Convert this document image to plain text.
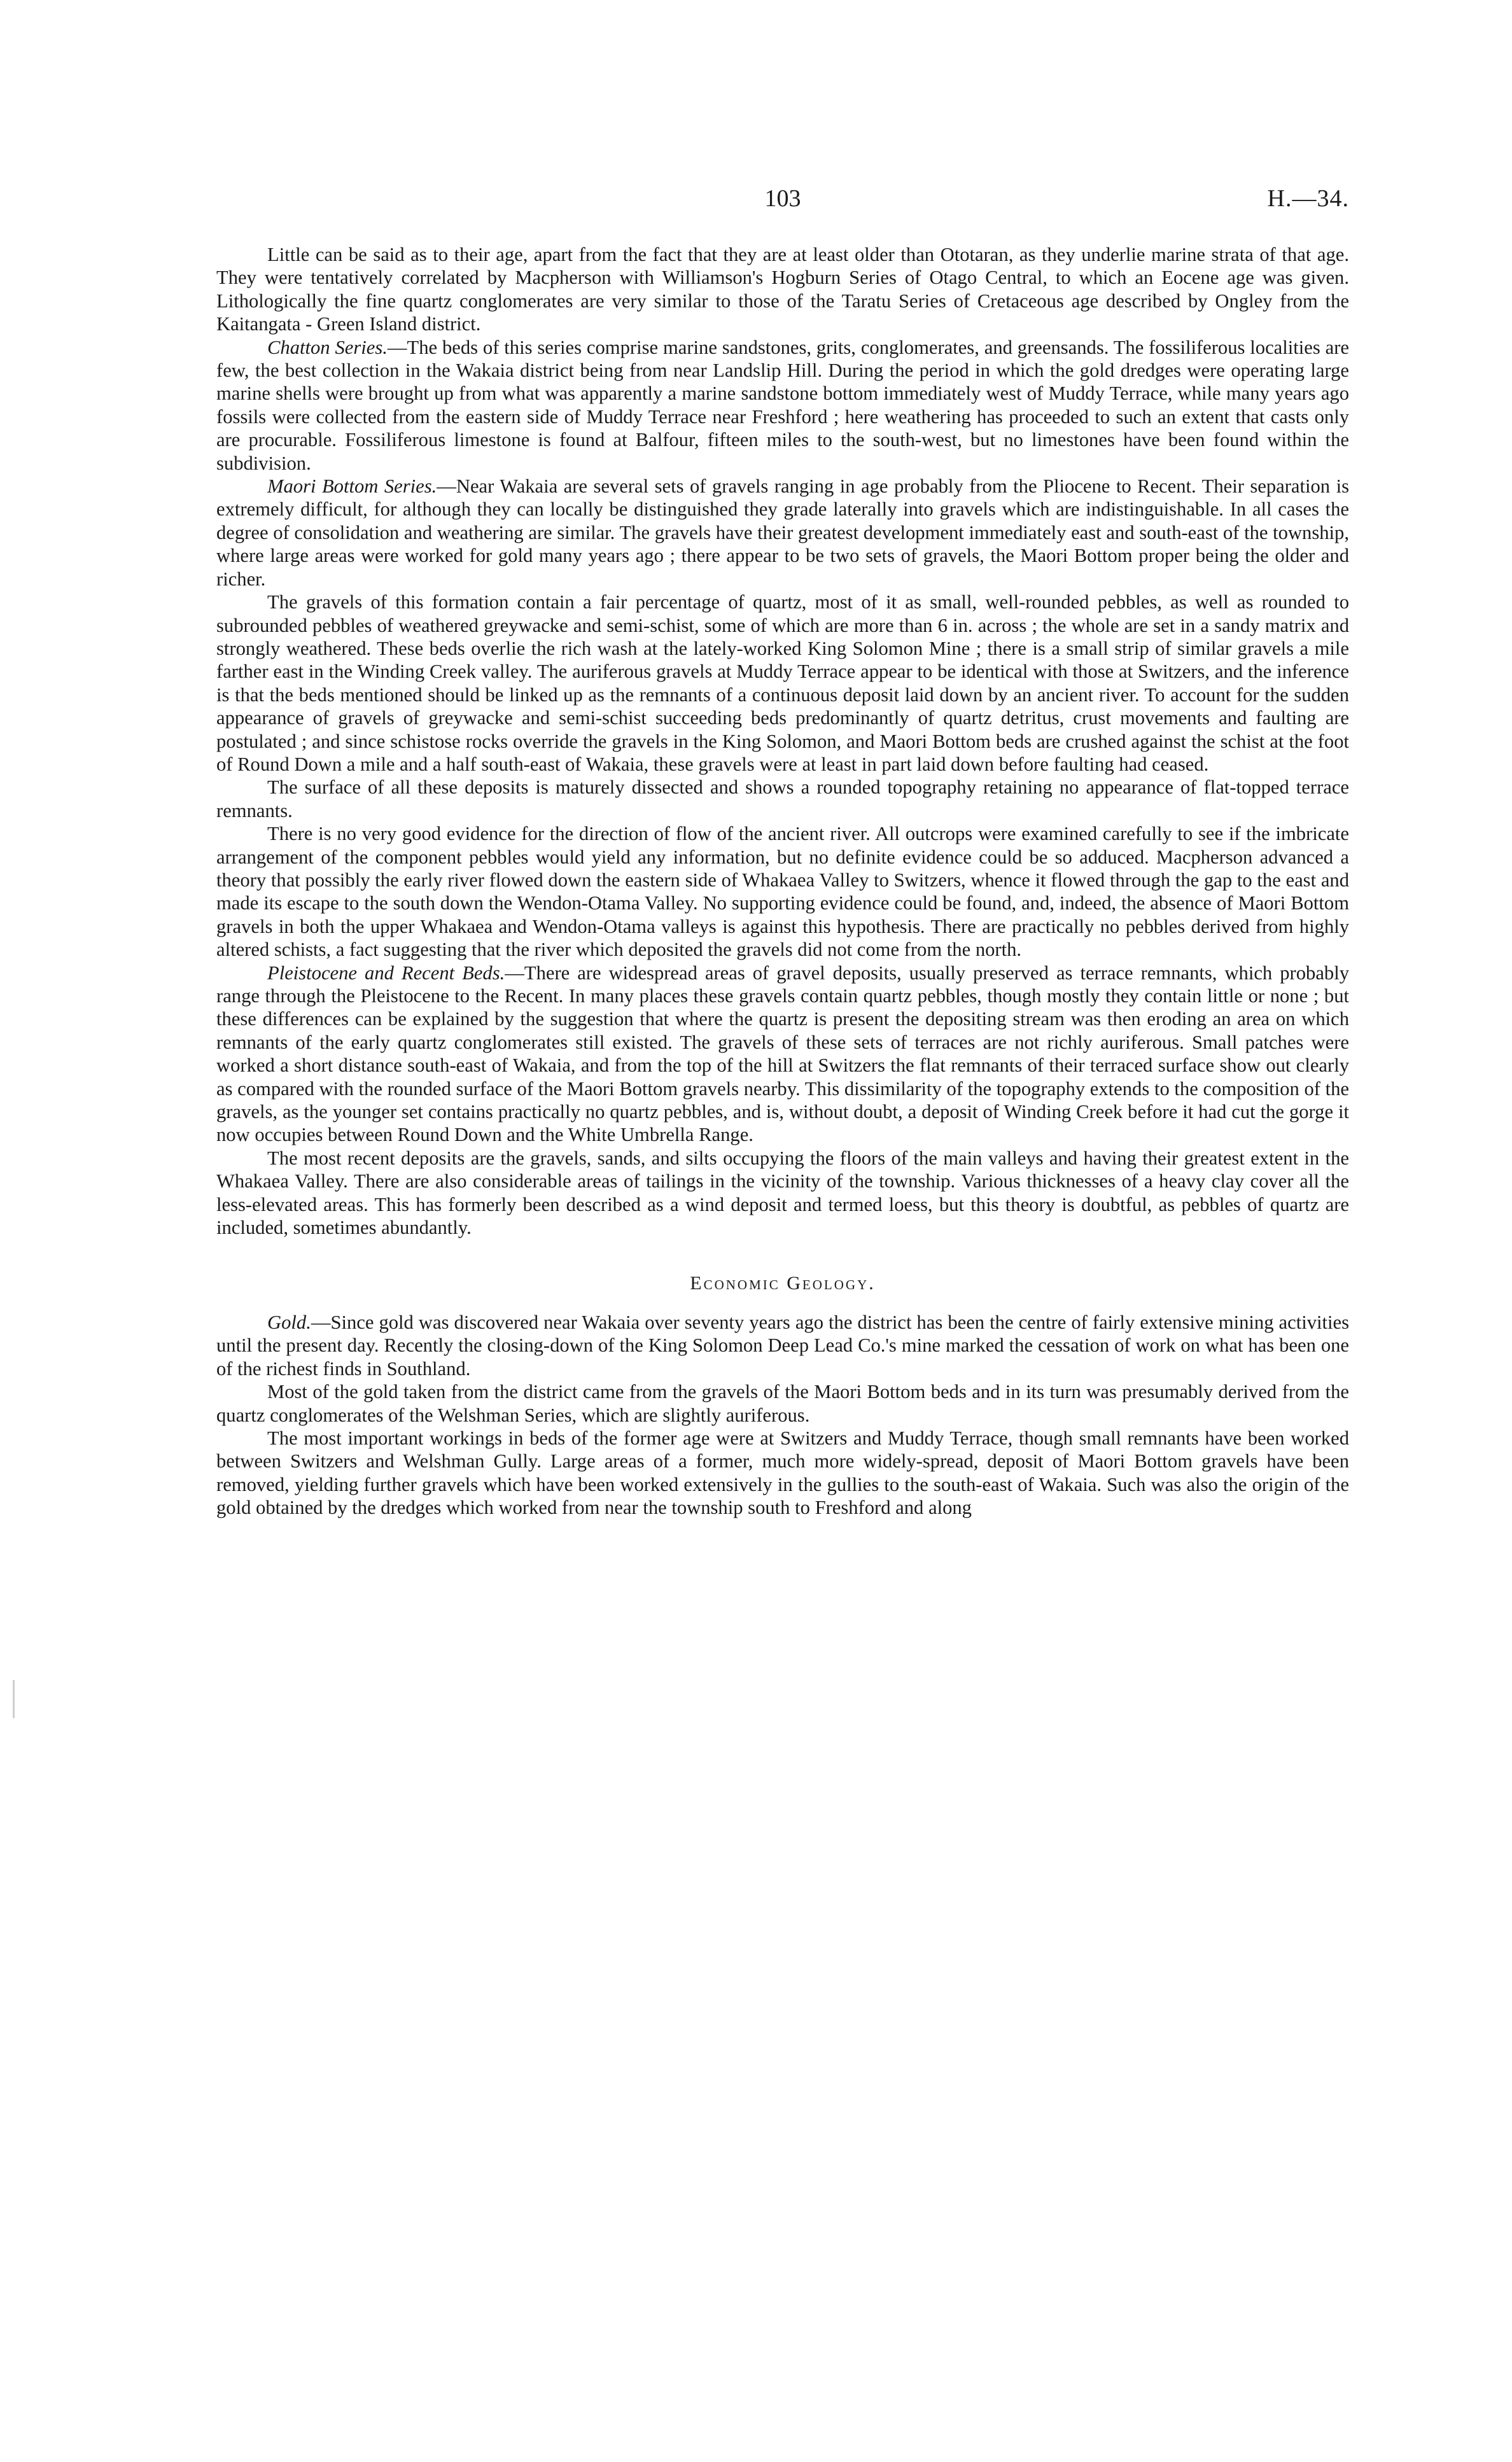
103	H.—34.

Little can be said as to their age, apart from the fact that they are at least older than Ototaran, as they underlie marine strata of that age. They were tentatively correlated by Macpherson with Williamson's Hogburn Series of Otago Central, to which an Eocene age was given. Lithologically the fine quartz conglomerates are very similar to those of the Taratu Series of Cretaceous age described by Ongley from the Kaitangata - Green Island district.

Chatton Series.—The beds of this series comprise marine sandstones, grits, conglomerates, and greensands. The fossiliferous localities are few, the best collection in the Wakaia district being from near Landslip Hill. During the period in which the gold dredges were operating large marine shells were brought up from what was apparently a marine sandstone bottom immediately west of Muddy Terrace, while many years ago fossils were collected from the eastern side of Muddy Terrace near Freshford ; here weathering has proceeded to such an extent that casts only are procurable. Fossiliferous limestone is found at Balfour, fifteen miles to the south-west, but no limestones have been found within the subdivision.

Maori Bottom Series.—Near Wakaia are several sets of gravels ranging in age probably from the Pliocene to Recent. Their separation is extremely difficult, for although they can locally be distinguished they grade laterally into gravels which are indistinguishable. In all cases the degree of consolidation and weathering are similar. The gravels have their greatest development immediately east and south-east of the township, where large areas were worked for gold many years ago ; there appear to be two sets of gravels, the Maori Bottom proper being the older and richer.

The gravels of this formation contain a fair percentage of quartz, most of it as small, well-rounded pebbles, as well as rounded to subrounded pebbles of weathered greywacke and semi-schist, some of which are more than 6 in. across ; the whole are set in a sandy matrix and strongly weathered. These beds overlie the rich wash at the lately-worked King Solomon Mine ; there is a small strip of similar gravels a mile farther east in the Winding Creek valley. The auriferous gravels at Muddy Terrace appear to be identical with those at Switzers, and the inference is that the beds mentioned should be linked up as the remnants of a continuous deposit laid down by an ancient river. To account for the sudden appearance of gravels of greywacke and semi-schist succeeding beds predominantly of quartz detritus, crust movements and faulting are postulated ; and since schistose rocks override the gravels in the King Solomon, and Maori Bottom beds are crushed against the schist at the foot of Round Down a mile and a half south-east of Wakaia, these gravels were at least in part laid down before faulting had ceased.

The surface of all these deposits is maturely dissected and shows a rounded topography retaining no appearance of flat-topped terrace remnants.

There is no very good evidence for the direction of flow of the ancient river. All outcrops were examined carefully to see if the imbricate arrangement of the component pebbles would yield any information, but no definite evidence could be so adduced. Macpherson advanced a theory that possibly the early river flowed down the eastern side of Whakaea Valley to Switzers, whence it flowed through the gap to the east and made its escape to the south down the Wendon-Otama Valley. No supporting evidence could be found, and, indeed, the absence of Maori Bottom gravels in both the upper Whakaea and Wendon-Otama valleys is against this hypothesis. There are practically no pebbles derived from highly altered schists, a fact suggesting that the river which deposited the gravels did not come from the north.

Pleistocene and Recent Beds.—There are widespread areas of gravel deposits, usually preserved as terrace remnants, which probably range through the Pleistocene to the Recent. In many places these gravels contain quartz pebbles, though mostly they contain little or none ; but these differences can be explained by the suggestion that where the quartz is present the depositing stream was then eroding an area on which remnants of the early quartz conglomerates still existed. The gravels of these sets of terraces are not richly auriferous. Small patches were worked a short distance south-east of Wakaia, and from the top of the hill at Switzers the flat remnants of their terraced surface show out clearly as compared with the rounded surface of the Maori Bottom gravels nearby. This dissimilarity of the topography extends to the composition of the gravels, as the younger set contains practically no quartz pebbles, and is, without doubt, a deposit of Winding Creek before it had cut the gorge it now occupies between Round Down and the White Umbrella Range.

The most recent deposits are the gravels, sands, and silts occupying the floors of the main valleys and having their greatest extent in the Whakaea Valley. There are also considerable areas of tailings in the vicinity of the township. Various thicknesses of a heavy clay cover all the less-elevated areas. This has formerly been described as a wind deposit and termed loess, but this theory is doubtful, as pebbles of quartz are included, sometimes abundantly.

Economic Geology.

Gold.—Since gold was discovered near Wakaia over seventy years ago the district has been the centre of fairly extensive mining activities until the present day. Recently the closing-down of the King Solomon Deep Lead Co.'s mine marked the cessation of work on what has been one of the richest finds in Southland.

Most of the gold taken from the district came from the gravels of the Maori Bottom beds and in its turn was presumably derived from the quartz conglomerates of the Welshman Series, which are slightly auriferous.

The most important workings in beds of the former age were at Switzers and Muddy Terrace, though small remnants have been worked between Switzers and Welshman Gully. Large areas of a former, much more widely-spread, deposit of Maori Bottom gravels have been removed, yielding further gravels which have been worked extensively in the gullies to the south-east of Wakaia. Such was also the origin of the gold obtained by the dredges which worked from near the township south to Freshford and along
